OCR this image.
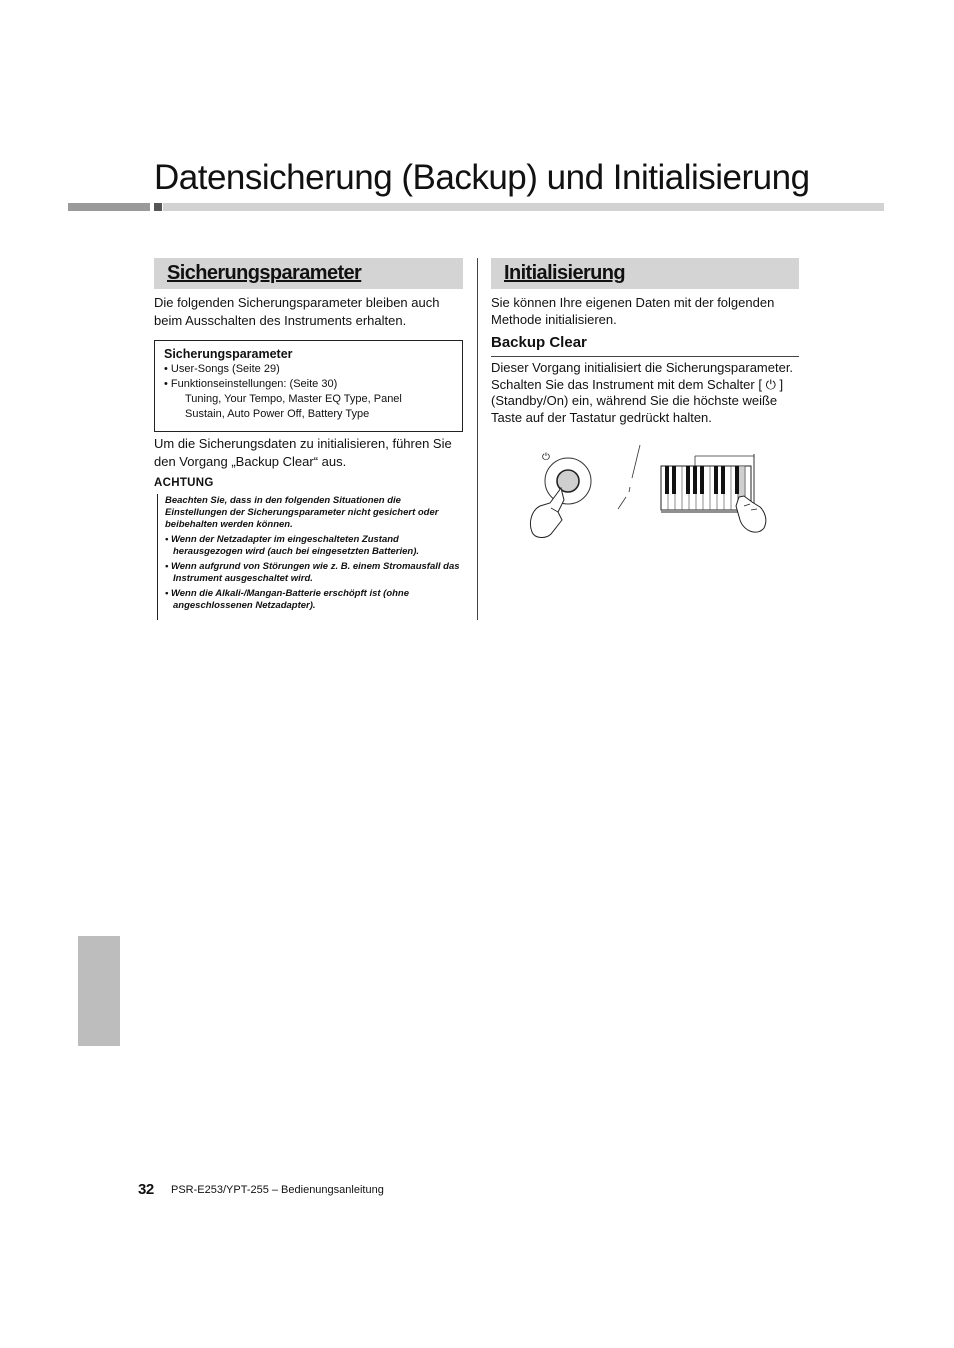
Datensicherung (Backup) und Initialisierung
Sicherungsparameter
Die folgenden Sicherungsparameter bleiben auch
beim Ausschalten des Instruments erhalten.
Sicherungsparameter
• User-Songs (Seite 29)
• Funktionseinstellungen: (Seite 30)
Tuning, Your Tempo, Master EQ Type, Panel
Sustain, Auto Power Off, Battery Type
Um die Sicherungsdaten zu initialisieren, führen Sie
den Vorgang „Backup Clear“ aus.
ACHTUNG
Beachten Sie, dass in den folgenden Situationen die Einstellungen der Sicherungsparameter nicht gesichert oder beibehalten werden können.
• Wenn der Netzadapter im eingeschalteten Zustand herausgezogen wird (auch bei eingesetzten Batterien).
• Wenn aufgrund von Störungen wie z. B. einem Stromausfall das Instrument ausgeschaltet wird.
• Wenn die Alkali-/Mangan-Batterie erschöpft ist (ohne angeschlossenen Netzadapter).
Initialisierung
Sie können Ihre eigenen Daten mit der folgenden
Methode initialisieren.
Backup Clear
Dieser Vorgang initialisiert die Sicherungsparameter.
Schalten Sie das Instrument mit dem Schalter [ ⏻ ]
(Standby/On) ein, während Sie die höchste weiße
Taste auf der Tastatur gedrückt halten.
⏻
32 PSR-E253/YPT-255 – Bedienungsanleitung
